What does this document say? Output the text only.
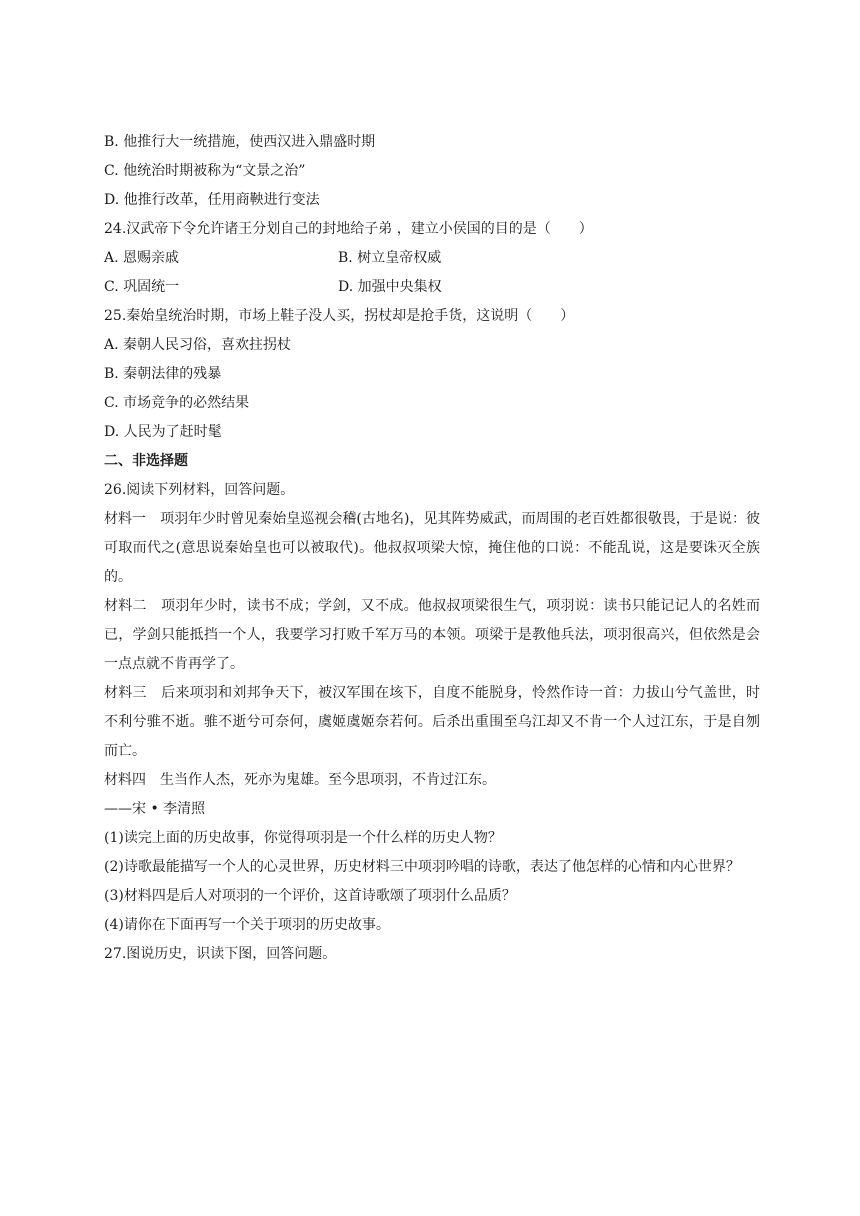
B. 他推行大一统措施，使西汉进入鼎盛时期
C. 他统治时期被称为“文景之治”
D. 他推行改革，任用商鞅进行变法
24.汉武帝下令允许诸王分划自己的封地给子弟 ，建立小侯国的目的是（　　）
A. 恩赐亲戚	B. 树立皇帝权威
C. 巩固统一	D. 加强中央集权
25.秦始皇统治时期，市场上鞋子没人买，拐杖却是抢手货，这说明（　　）
A. 秦朝人民习俗，喜欢拄拐杖
B. 秦朝法律的残暴
C. 市场竞争的必然结果
D. 人民为了赶时髦
二、非选择题
26.阅读下列材料，回答问题。
材料一　项羽年少时曾见秦始皇巡视会稽(古地名)，见其阵势威武，而周围的老百姓都很敬畏，于是说：彼可取而代之(意思说秦始皇也可以被取代)。他叔叔项梁大惊，掩住他的口说：不能乱说，这是要诛灭全族的。
材料二　项羽年少时，读书不成；学剑，又不成。他叔叔项梁很生气，项羽说：读书只能记记人的名姓而已，学剑只能抵挡一个人，我要学习打败千军万马的本领。项梁于是教他兵法，项羽很高兴，但依然是会一点点就不肯再学了。
材料三　后来项羽和刘邦争天下，被汉军围在垓下，自度不能脱身，怜然作诗一首：力拔山兮气盖世，时不利兮骓不逝。骓不逝兮可奈何，虞姬虞姬奈若何。后杀出重围至乌江却又不肯一个人过江东，于是自刎而亡。
材料四　生当作人杰，死亦为鬼雄。至今思项羽，不肯过江东。
——宋 • 李清照
(1)读完上面的历史故事，你觉得项羽是一个什么样的历史人物？
(2)诗歌最能描写一个人的心灵世界，历史材料三中项羽吟唱的诗歌，表达了他怎样的心情和内心世界？
(3)材料四是后人对项羽的一个评价，这首诗歌颂了项羽什么品质？
(4)请你在下面再写一个关于项羽的历史故事。
27.图说历史，识读下图，回答问题。
